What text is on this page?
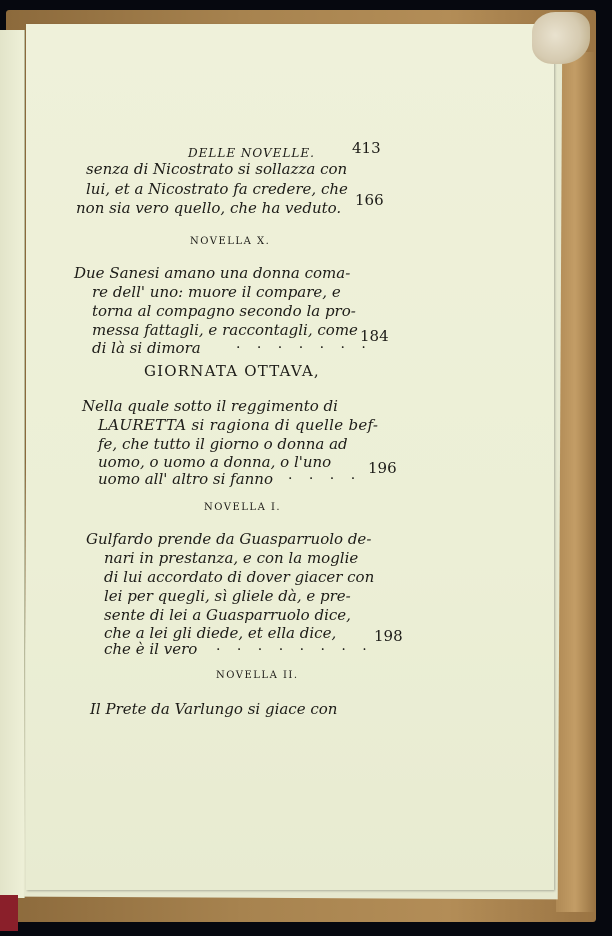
DELLE NOVELLE. 413
senza di Nicostrato si sollazza con
lui, et a Nicostrato fa credere, che
non sia vero quello, che ha veduto. 166
NOVELLA X.
Due Sanesi amano una donna coma-
re dell' uno: muore il compare, e
torna al compagno secondo la pro-
messa fattagli, e raccontagli, come
di là si dimora	. . . . . . .
184
GIORNATA OTTAVA,
Nella quale sotto il reggimento di
LAURETTA si ragiona di quelle bef-
fe, che tutto il giorno o donna ad
uomo, o uomo a donna, o l'uno
uomo all' altro si fanno . . . . 196
NOVELLA I.
Gulfardo prende da Guasparruolo de-
nari in prestanza, e con la moglie
di lui accordato di dover giacer con
lei per quegli, sì gliele dà, e pre-
sente di lei a Guasparruolo dice,
che a lei gli diede, et ella dice,
che è il vero . . . . . . . .
198
NOVELLA II.
Il Prete da Varlungo si giace con
